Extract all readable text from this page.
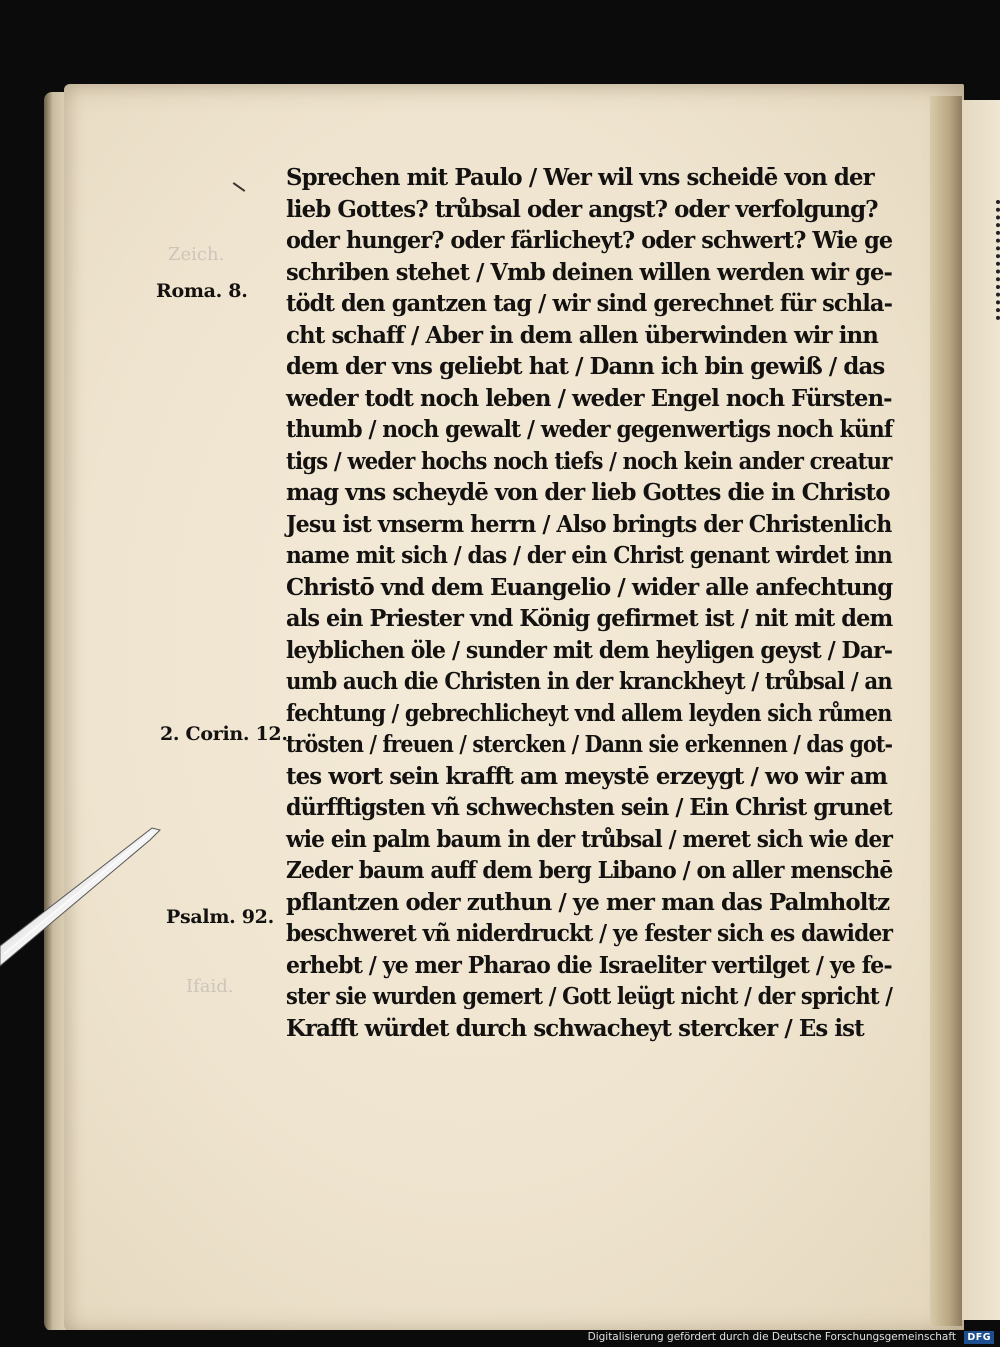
Zeich.
Ifaid.
Roma. 8.
2. Corin. 12.
Psalm. 92.
Sprechen mit Paulo / Wer wil vns scheidē von der
lieb Gottes? trůbsal oder angst? oder verfolgung?
oder hunger? oder färlicheyt? oder schwert? Wie ge
schriben stehet / Vmb deinen willen werden wir ge-
tödt den gantzen tag / wir sind gerechnet für schla-
cht schaff / Aber in dem allen überwinden wir inn
dem der vns geliebt hat / Dann ich bin gewiß / das
weder todt noch leben / weder Engel noch Fürsten-
thumb / noch gewalt / weder gegenwertigs noch künf
tigs / weder hochs noch tiefs / noch kein ander creatur
mag vns scheydē von der lieb Gottes die in Christo
Jesu ist vnserm herrn / Also bringts der Christenlich
name mit sich / das / der ein Christ genant wirdet inn
Christō vnd dem Euangelio / wider alle anfechtung
als ein Priester vnd König gefirmet ist / nit mit dem
leyblichen öle / sunder mit dem heyligen geyst / Dar-
umb auch die Christen in der kranckheyt / trůbsal / an
fechtung / gebrechlicheyt vnd allem leyden sich růmen
trösten / freuen / stercken / Dann sie erkennen / das got-
tes wort sein krafft am meystē erzeygt / wo wir am
dürfftigsten vñ schwechsten sein / Ein Christ grunet
wie ein palm baum in der trůbsal / meret sich wie der
Zeder baum auff dem berg Libano / on aller menschē
pflantzen oder zuthun / ye mer man das Palmholtz
beschweret vñ niderdruckt / ye fester sich es dawider
erhebt / ye mer Pharao die Israeliter vertilget / ye fe-
ster sie wurden gemert / Gott leügt nicht / der spricht /
Krafft würdet durch schwacheyt stercker / Es ist
Digitalisierung gefördert durch die Deutsche Forschungsgemeinschaft	DFG
